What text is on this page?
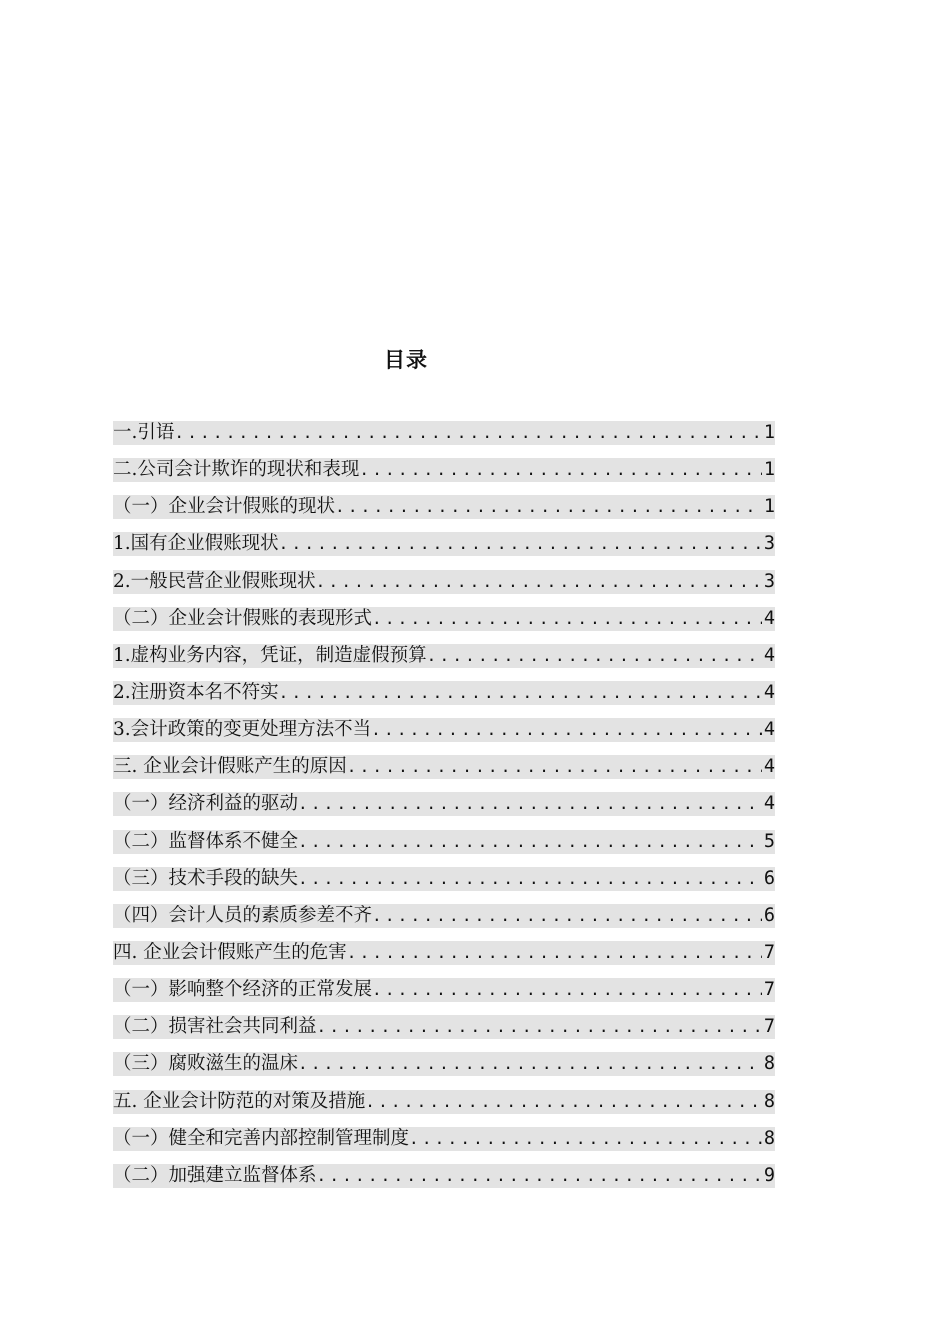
目录
一.引语 .....	1
二.公司会计欺诈的现状和表现 .....	1
（一）企业会计假账的现状 .....	1
1.国有企业假账现状 .....	3
2.一般民营企业假账现状 .....	3
（二）企业会计假账的表现形式 .....	4
1.虚构业务内容，凭证，制造虚假预算 .....	4
2.注册资本名不符实 .....	4
3.会计政策的变更处理方法不当 .....	4
三. 企业会计假账产生的原因 .....	4
（一）经济利益的驱动 .....	4
（二）监督体系不健全 .....	5
（三）技术手段的缺失 .....	6
（四）会计人员的素质参差不齐 .....	6
四. 企业会计假账产生的危害 .....	7
（一）影响整个经济的正常发展 .....	7
（二）损害社会共同利益 .....	7
（三）腐败滋生的温床 .....	8
五. 企业会计防范的对策及措施 .....	8
（一）健全和完善内部控制管理制度 .....	8
（二）加强建立监督体系 .....	9
